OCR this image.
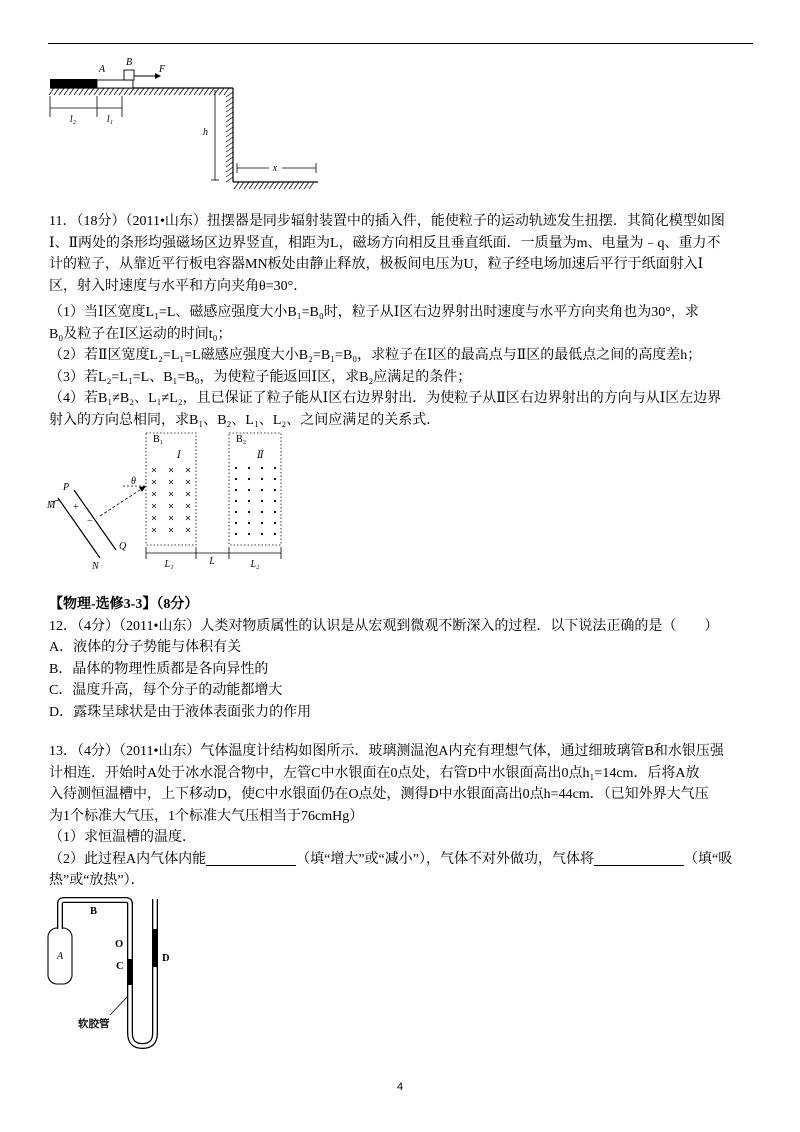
A
B
F
l₂	l₁
h
x
11．（18分）（2011•山东）扭摆器是同步辐射装置中的插入件，能使粒子的运动轨迹发生扭摆．其简化模型如图
Ⅰ、Ⅱ两处的条形均强磁场区边界竖直，相距为L，磁场方向相反且垂直纸面．一质量为m、电量为﹣q、重力不
计的粒子，从靠近平行板电容器MN板处由静止释放，极板间电压为U，粒子经电场加速后平行于纸面射入Ⅰ
区，射入时速度与水平和方向夹角θ=30°．
（1）当Ⅰ区宽度L₁=L、磁感应强度大小B₁=B₀时，粒子从Ⅰ区右边界射出时速度与水平方向夹角也为30°，求
B₀及粒子在Ⅰ区运动的时间t₀；
（2）若Ⅱ区宽度L₂=L₁=L磁感应强度大小B₂=B₁=B₀，求粒子在Ⅰ区的最高点与Ⅱ区的最低点之间的高度差h；
（3）若L₂=L₁=L、B₁=B₀，为使粒子能返回Ⅰ区，求B₂应满足的条件；
（4）若B₁≠B₂、L₁≠L₂，且已保证了粒子能从Ⅰ区右边界射出．为使粒子从Ⅱ区右边界射出的方向与从Ⅰ区左边界
射入的方向总相同，求B₁、B₂、L₁、L₂、之间应满足的关系式．
B₁	B₂
Ⅰ	Ⅱ
L₁	L	L₂
M
P
N
Q
+
−
θ
【物理-选修3-3】（8分）
12．（4分）（2011•山东）人类对物质属性的认识是从宏观到微观不断深入的过程．以下说法正确的是（　　）
A．液体的分子势能与体积有关
B．晶体的物理性质都是各向异性的
C．温度升高，每个分子的动能都增大
D．露珠呈球状是由于液体表面张力的作用
13．（4分）（2011•山东）气体温度计结构如图所示．玻璃测温泡A内充有理想气体，通过细玻璃管B和水银压强
计相连．开始时A处于冰水混合物中，左管C中水银面在0点处，右管D中水银面高出0点h₁=14cm．后将A放
入待测恒温槽中，上下移动D，使C中水银面仍在O点处，测得D中水银面高出0点h=44cm．（已知外界大气压
为1个标准大气压，1个标准大气压相当于76cmHg）
（1）求恒温槽的温度．
（2）此过程A内气体内能	（填“增大”或“减小”），气体不对外做功，气体将	（填“吸
热”或“放热”）．
A
B
O
C
D
软胶管
4
